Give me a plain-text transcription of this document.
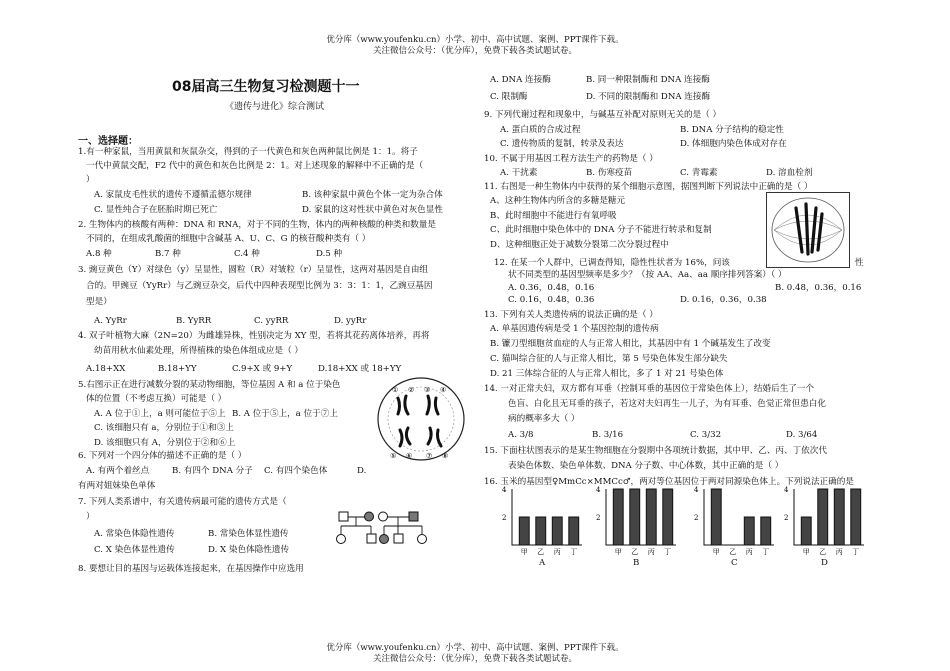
优分库（www.youfenku.cn）小学、初中、高中试题、案例、PPT课件下载。
关注微信公众号：（优分库），免费下载各类试题试卷。
08届高三生物复习检测题十一
《遗传与进化》综合测试
一、选择题：
1.有一种家鼠，当用黄鼠和灰鼠杂交，得到的子一代黄色和灰色两种鼠比例是 1：1。将子
一代中黄鼠交配，F2 代中的黄色和灰色比例是 2：1。对上述现象的解释中不正确的是（
）
A. 家鼠皮毛性状的遗传不遵循孟德尔规律	B. 该种家鼠中黄色个体一定为杂合体
C. 显性纯合子在胚胎时期已死亡	D. 家鼠的这对性状中黄色对灰色显性
2. 生物体内的核酸有两种：DNA 和 RNA，对于不同的生物，体内的两种核酸的种类和数量是
不同的，在组成乳酸菌的细胞中含碱基 A、U、C、G 的核苷酸种类有（ ）
A.8 种	B.7 种	C.4 种	D.5 种
3. 豌豆黄色（Y）对绿色（y）呈显性，圆粒（R）对皱粒（r）呈显性，这两对基因是自由组
合的。甲豌豆（YyRr）与乙豌豆杂交，后代中四种表现型比例为 3：3：1：1，乙豌豆基因
型是）
A. YyRr	B. YyRR	C. yyRR	D. yyRr
4. 双子叶植物大麻（2N=20）为雌雄异株，性别决定为 XY 型，若将其花药离体培养，再将
幼苗用秋水仙素处理，所得植株的染色体组成应是（ ）
A.18+XX	B.18+YY	C.9+X 或 9+Y	D.18+XX 或 18+YY
5.右图示正在进行减数分裂的某动物细胞，等位基因 A 和 a 位于染色
体的位置（不考虑互换）可能是（ ）
A. A 位于①上，a 则可能位于⑤上 B. A 位于⑤上，a 位于⑦上
C. 该细胞只有 a，分别位于①和③上
D. 该细胞只有 A，分别位于②和⑥上
6. 下列对一个四分体的描述不正确的是（ ）
A. 有两个着丝点	B. 有四个 DNA 分子 C. 有四个染色体	D.
有两对姐妹染色单体
7. 下列人类系谱中，有关遗传病最可能的遗传方式是（
）
A. 常染色体隐性遗传	B. 常染色体显性遗传
C. X 染色体显性遗传	D. X 染色体隐性遗传
8. 要想让目的基因与运载体连接起来，在基因操作中应选用
① ② ③ ④
⑤ ⑥ ⑦ ⑧
A. DNA 连接酶	B. 同一种限制酶和 DNA 连接酶
C. 限制酶	D. 不同的限制酶和 DNA 连接酶
9. 下列代谢过程和现象中，与碱基互补配对原则无关的是（ ）
A. 蛋白质的合成过程	B. DNA 分子结构的稳定性
C. 遗传物质的复制，转录及表达	D. 体细胞内染色体成对存在
10. 不属于用基因工程方法生产的药物是（ ）
A. 干扰素	B. 伤寒疫苗	C. 青霉素	D. 溶血栓剂
11. 右图是一种生物体内中获得的某个细胞示意图，据图判断下列说法中正确的是（ ）
A、这种生物体内所含的多糖是糖元
B、此时细胞中不能进行有氧呼吸
C、此时细胞中染色体中的 DNA 分子不能进行转录和复制
D、这种细胞正处于减数分裂第二次分裂过程中
12. 在某一个人群中，已调查得知，隐性性状者为 16%，问该	性
状不同类型的基因型频率是多少？（按 AA、Aa、aa 顺序排列答案）（ ）
A. 0.36，0.48，0.16	B. 0.48，0.36，0.16
C. 0.16，0.48，0.36	D. 0.16，0.36，0.38
13. 下列有关人类遗传病的说法正确的是（ ）
A. 单基因遗传病是受 1 个基因控制的遗传病
B. 镰刀型细胞贫血症的人与正常人相比，其基因中有 1 个碱基发生了改变
C. 猫叫综合征的人与正常人相比，第 5 号染色体发生部分缺失
D. 21 三体综合征的人与正常人相比，多了 1 对 21 号染色体
14. 一对正常夫妇，双方都有耳垂（控制耳垂的基因位于常染色体上），结婚后生了一个
色盲、白化且无耳垂的孩子，若这对夫妇再生一儿子，为有耳垂、色觉正常但患白化
病的概率多大（ ）
A. 3/8	B. 3/16	C. 3/32	D. 3/64
15. 下面柱状图表示的是某生物细胞在分裂期中各项统计数据，其中甲、乙、丙、丁依次代
表染色体数、染色单体数、DNA 分子数、中心体数，其中正确的是（ ）
16. 玉米的基因型♀MmCc×MMCc♂，两对等位基因位于两对同源染色体上。下列说法正确的是
2
4
甲 乙 丙 丁
2
4
甲 乙 丙 丁
2
4
甲 乙 丙 丁
2
4
甲 乙 丙 丁
A	B	C	D
优分库（www.youfenku.cn）小学、初中、高中试题、案例、PPT课件下载。
关注微信公众号：（优分库），免费下载各类试题试卷。
